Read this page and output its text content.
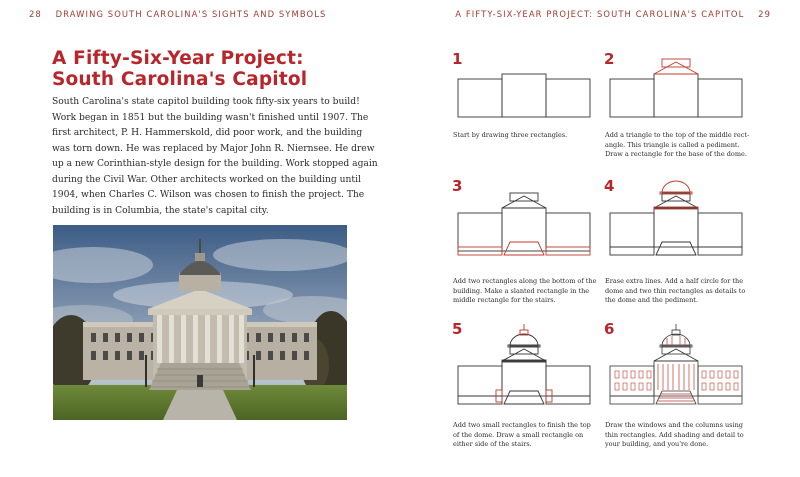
28 DRAWING SOUTH CAROLINA'S SIGHTS AND SYMBOLS
A Fifty-Six-Year Project:
South Carolina's Capitol
South Carolina's state capitol building took fifty-six years to build!
Work began in 1851 but the building wasn't finished until 1907. The
first architect, P. H. Hammerskold, did poor work, and the building
was torn down. He was replaced by Major John R. Niernsee. He drew
up a new Corinthian-style design for the building. Work stopped again
during the Civil War. Other architects worked on the building until
1904, when Charles C. Wilson was chosen to finish the project. The
building is in Columbia, the state's capital city.
A FIFTY-SIX-YEAR PROJECT: SOUTH CAROLINA'S CAPITOL 29
1
Start by drawing three rectangles.
2
Add a triangle to the top of the middle rect-
angle. This triangle is called a pediment.
Draw a rectangle for the base of the dome.
3
Add two rectangles along the bottom of the
building. Make a slanted rectangle in the
middle rectangle for the stairs.
4
Erase extra lines. Add a half circle for the
dome and two thin rectangles as details to
the dome and the pediment.
5
Add two small rectangles to finish the top
of the dome. Draw a small rectangle on
either side of the stairs.
6
Draw the windows and the columns using
thin rectangles. Add shading and detail to
your building, and you're done.
